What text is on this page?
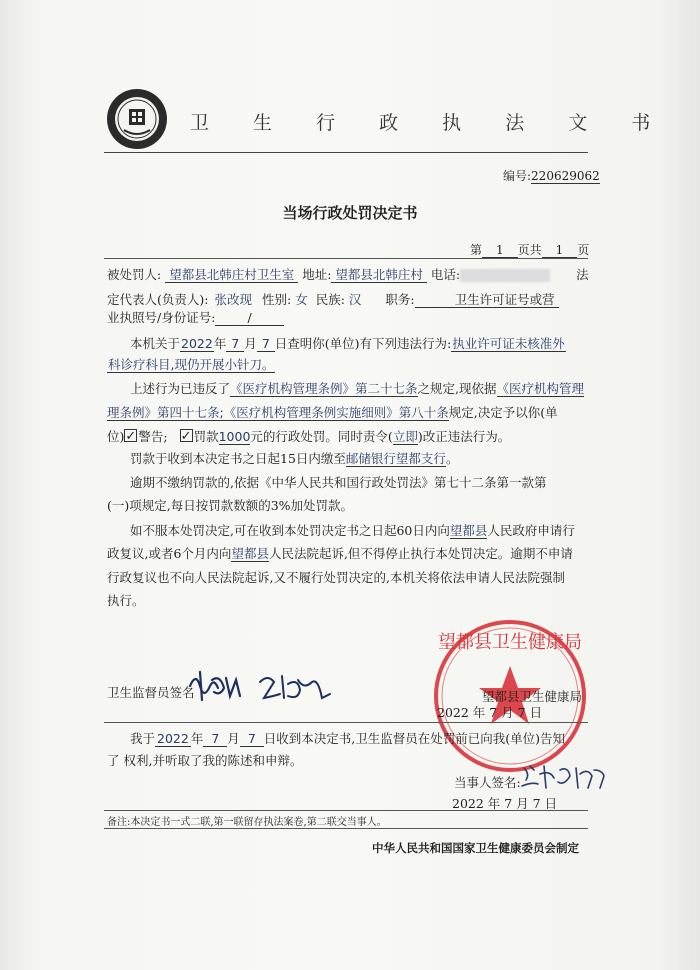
卫 生 行 政 执 法 文 书
编号:220629062
当场行政处罚决定书
第 1 页共 1 页
被处罚人: 望都县北韩庄村卫生室 地址: 望都县北韩庄村 电话:	法
定代表人(负责人): 张改现 性别: 女 民族: 汉 职务:	卫生许可证号或营
业执照号/身份证号:	/
本机关于2022年 7 月 7 日查明你(单位)有下列违法行为:执业许可证未核准外
科诊疗科目,现仍开展小针刀。
上述行为已违反了《医疗机构管理条例》第二十七条之规定,现依据《医疗机构管理
理条例》第四十七条;《医疗机构管理条例实施细则》第八十条规定,决定予以你(单
位) ✓ 警告; ✓ 罚款1000元的行政处罚。同时责令(立即)改正违法行为。
罚款于收到本决定书之日起15日内缴至邮储银行望都支行。
逾期不缴纳罚款的,依据《中华人民共和国行政处罚法》第七十二条第一款第
(一)项规定,每日按罚款数额的3%加处罚款。
如不服本处罚决定,可在收到本处罚决定书之日起60日内向望都县人民政府申请行
政复议,或者6个月内向望都县人民法院起诉,但不得停止执行本处罚决定。逾期不申请
行政复议也不向人民法院起诉,又不履行处罚决定的,本机关将依法申请人民法院强制
执行。
卫生监督员签名
望都县卫生健康局
望都县卫生健康局
2022 年 7 月 7 日
我于 2022 年 7 月 7 日收到本决定书,卫生监督员在处罚前已向我(单位)告知
了 权利,并听取了我的陈述和申辩。
当事人签名:
2022 年 7 月 7 日
备注:本决定书一式二联,第一联留存执法案卷,第二联交当事人。
中华人民共和国国家卫生健康委员会制定
